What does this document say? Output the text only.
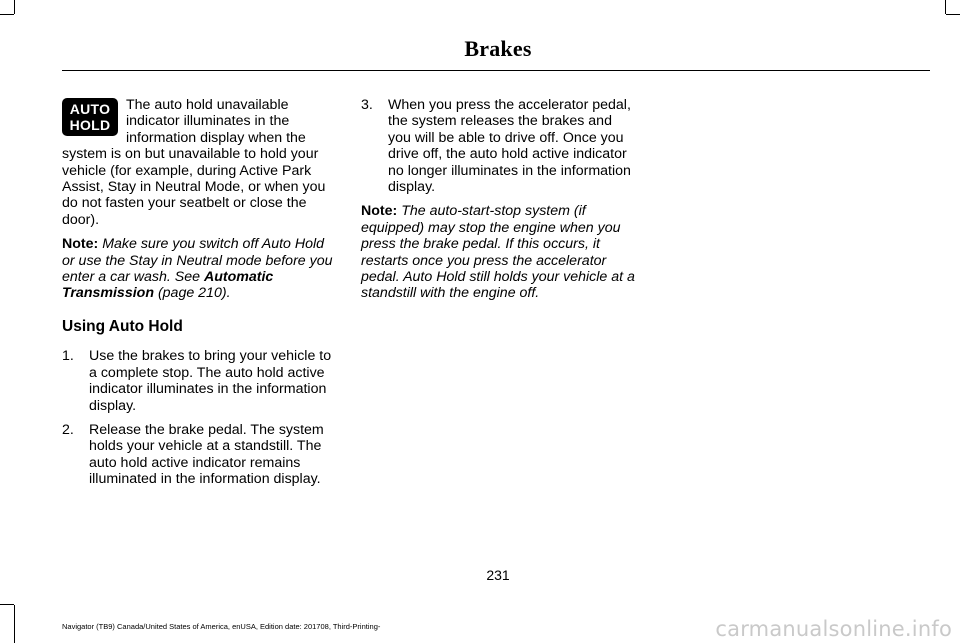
Brakes
AUTO
HOLD

The auto hold unavailable indicator illuminates in the information display when the system is on but unavailable to hold your vehicle (for example, during Active Park Assist, Stay in Neutral Mode, or when you do not fasten your seatbelt or close the door).

Note: Make sure you switch off Auto Hold or use the Stay in Neutral mode before you enter a car wash. See Automatic Transmission (page 210).

Using Auto Hold
1. Use the brakes to bring your vehicle to a complete stop. The auto hold active indicator illuminates in the information display.
2. Release the brake pedal. The system holds your vehicle at a standstill. The auto hold active indicator remains illuminated in the information display.
3. When you press the accelerator pedal, the system releases the brakes and you will be able to drive off. Once you drive off, the auto hold active indicator no longer illuminates in the information display.

Note: The auto-start-stop system (if equipped) may stop the engine when you press the brake pedal. If this occurs, it restarts once you press the accelerator pedal. Auto Hold still holds your vehicle at a standstill with the engine off.

231
Navigator (TB9) Canada/United States of America, enUSA, Edition date: 201708, Third-Printing-	carmanualsonline.info
